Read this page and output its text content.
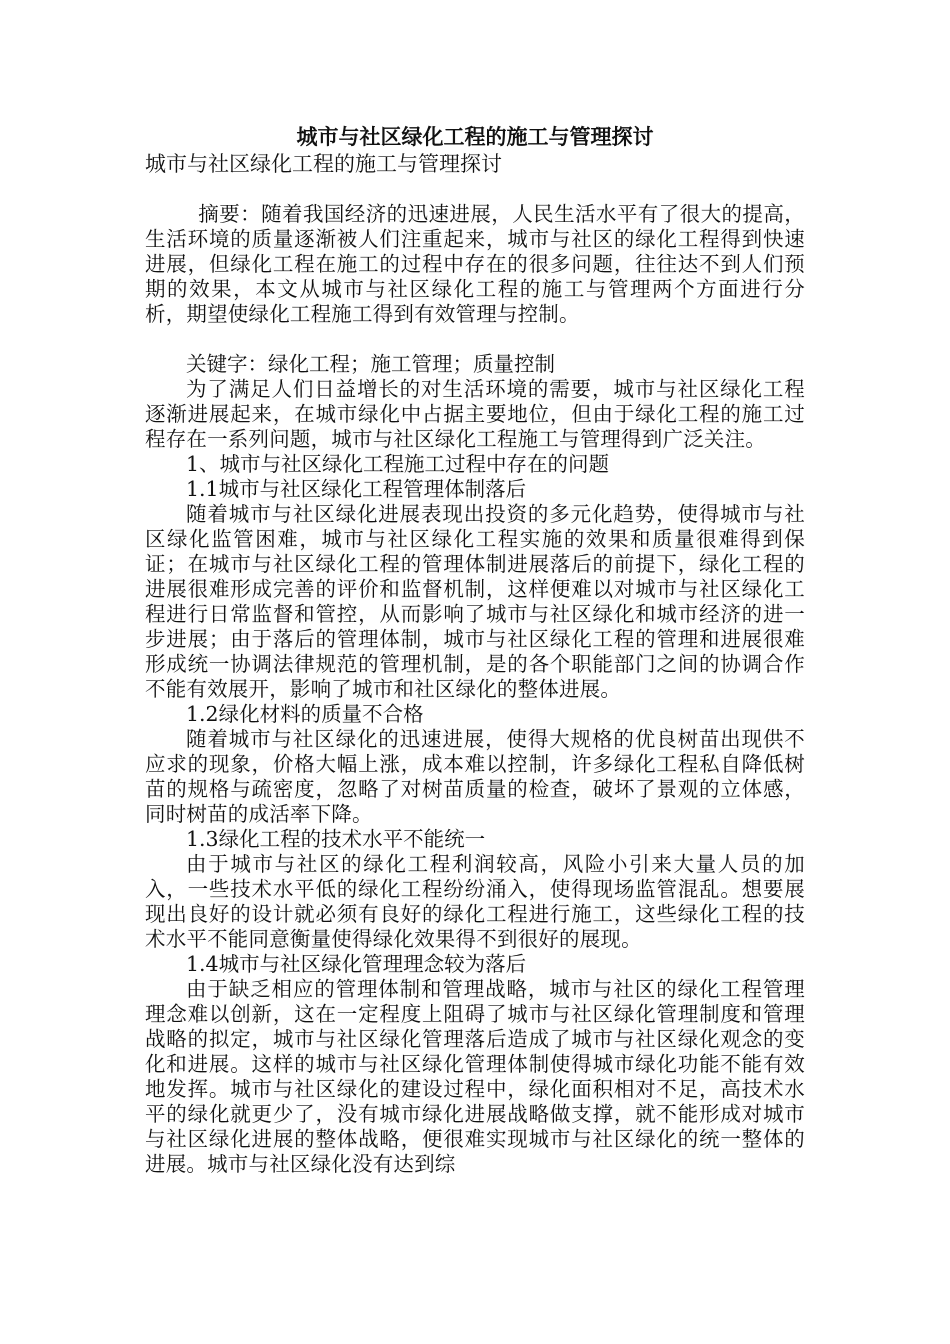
城市与社区绿化工程的施工与管理探讨

城市与社区绿化工程的施工与管理探讨

摘要：随着我国经济的迅速进展，人民生活水平有了很大的提高，生活环境的质量逐渐被人们注重起来，城市与社区的绿化工程得到快速进展，但绿化工程在施工的过程中存在的很多问题，往往达不到人们预期的效果，本文从城市与社区绿化工程的施工与管理两个方面进行分析，期望使绿化工程施工得到有效管理与控制。

关键字：绿化工程；施工管理；质量控制

为了满足人们日益增长的对生活环境的需要，城市与社区绿化工程逐渐进展起来，在城市绿化中占据主要地位，但由于绿化工程的施工过程存在一系列问题，城市与社区绿化工程施工与管理得到广泛关注。

1、城市与社区绿化工程施工过程中存在的问题

1.1城市与社区绿化工程管理体制落后

随着城市与社区绿化进展表现出投资的多元化趋势，使得城市与社区绿化监管困难，城市与社区绿化工程实施的效果和质量很难得到保证；在城市与社区绿化工程的管理体制进展落后的前提下，绿化工程的进展很难形成完善的评价和监督机制，这样便难以对城市与社区绿化工程进行日常监督和管控，从而影响了城市与社区绿化和城市经济的进一步进展；由于落后的管理体制，城市与社区绿化工程的管理和进展很难形成统一协调法律规范的管理机制，是的各个职能部门之间的协调合作不能有效展开，影响了城市和社区绿化的整体进展。

1.2绿化材料的质量不合格

随着城市与社区绿化的迅速进展，使得大规格的优良树苗出现供不应求的现象，价格大幅上涨，成本难以控制，许多绿化工程私自降低树苗的规格与疏密度，忽略了对树苗质量的检查，破坏了景观的立体感，同时树苗的成活率下降。

1.3绿化工程的技术水平不能统一

由于城市与社区的绿化工程利润较高，风险小引来大量人员的加入，一些技术水平低的绿化工程纷纷涌入，使得现场监管混乱。想要展现出良好的设计就必须有良好的绿化工程进行施工，这些绿化工程的技术水平不能同意衡量使得绿化效果得不到很好的展现。

1.4城市与社区绿化管理理念较为落后

由于缺乏相应的管理体制和管理战略，城市与社区的绿化工程管理理念难以创新，这在一定程度上阻碍了城市与社区绿化管理制度和管理战略的拟定，城市与社区绿化管理落后造成了城市与社区绿化观念的变化和进展。这样的城市与社区绿化管理体制使得城市绿化功能不能有效地发挥。城市与社区绿化的建设过程中，绿化面积相对不足，高技术水平的绿化就更少了，没有城市绿化进展战略做支撑，就不能形成对城市与社区绿化进展的整体战略，便很难实现城市与社区绿化的统一整体的进展。城市与社区绿化没有达到综
